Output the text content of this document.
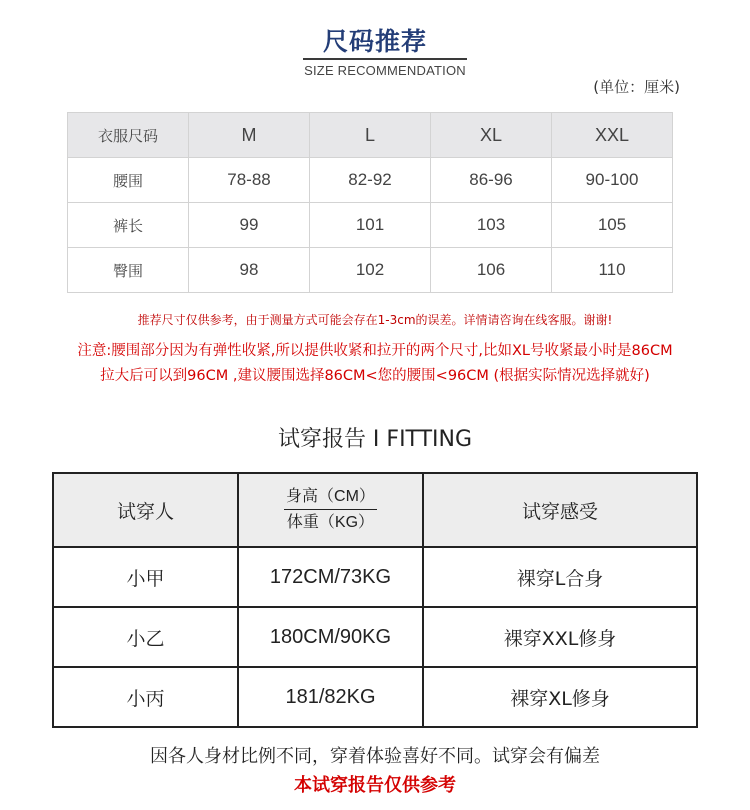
尺码推荐
SIZE RECOMMENDATION
(单位：厘米)
衣服尺码	M	L	XL	XXL
腰围	78-88	82-92	86-96	90-100
裤长	99	101	103	105
臀围	98	102	106	110
推荐尺寸仅供参考，由于测量方式可能会存在1-3cm的误差。详情请咨询在线客服。谢谢!
注意:腰围部分因为有弹性收紧,所以提供收紧和拉开的两个尺寸,比如XL号收紧最小时是86CM
拉大后可以到96CM ,建议腰围选择86CM<您的腰围<96CM (根据实际情况选择就好)
试穿报告 I FITTING
试穿人	$\frac{\text{身高（CM）}}{\text{体重（KG）}}$	试穿感受
小甲	172CM/73KG	裸穿L合身
小乙	180CM/90KG	裸穿XXL修身
小丙	181/82KG	裸穿XL修身
因各人身材比例不同，穿着体验喜好不同。试穿会有偏差
本试穿报告仅供参考
